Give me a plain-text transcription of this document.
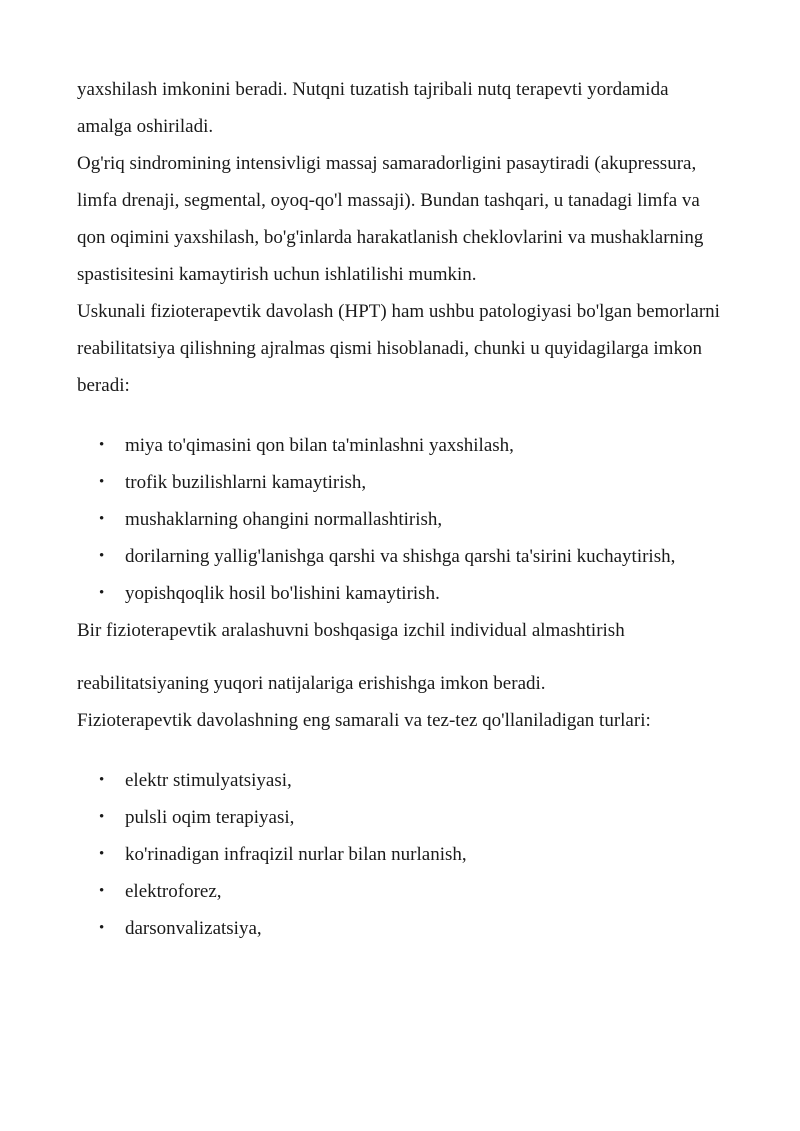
yaxshilash imkonini beradi. Nutqni tuzatish tajribali nutq terapevti yordamida amalga oshiriladi.

Og'riq sindromining intensivligi massaj samaradorligini pasaytiradi (akupressura, limfa drenaji, segmental, oyoq-qo'l massaji). Bundan tashqari, u tanadagi limfa va qon oqimini yaxshilash, bo'g'inlarda harakatlanish cheklovlarini va mushaklarning spastisitesini kamaytirish uchun ishlatilishi mumkin.

Uskunali fizioterapevtik davolash (HPT) ham ushbu patologiyasi bo'lgan bemorlarni reabilitatsiya qilishning ajralmas qismi hisoblanadi, chunki u quyidagilarga imkon beradi:

• miya to'qimasini qon bilan ta'minlashni yaxshilash,
• trofik buzilishlarni kamaytirish,
• mushaklarning ohangini normallashtirish,
• dorilarning yallig'lanishga qarshi va shishga qarshi ta'sirini kuchaytirish,
• yopishqoqlik hosil bo'lishini kamaytirish.

Bir fizioterapevtik aralashuvni boshqasiga izchil individual almashtirish

reabilitatsiyaning yuqori natijalariga erishishga imkon beradi.

Fizioterapevtik davolashning eng samarali va tez-tez qo'llaniladigan turlari:

• elektr stimulyatsiyasi,
• pulsli oqim terapiyasi,
• ko'rinadigan infraqizil nurlar bilan nurlanish,
• elektroforez,
• darsonvalizatsiya,
